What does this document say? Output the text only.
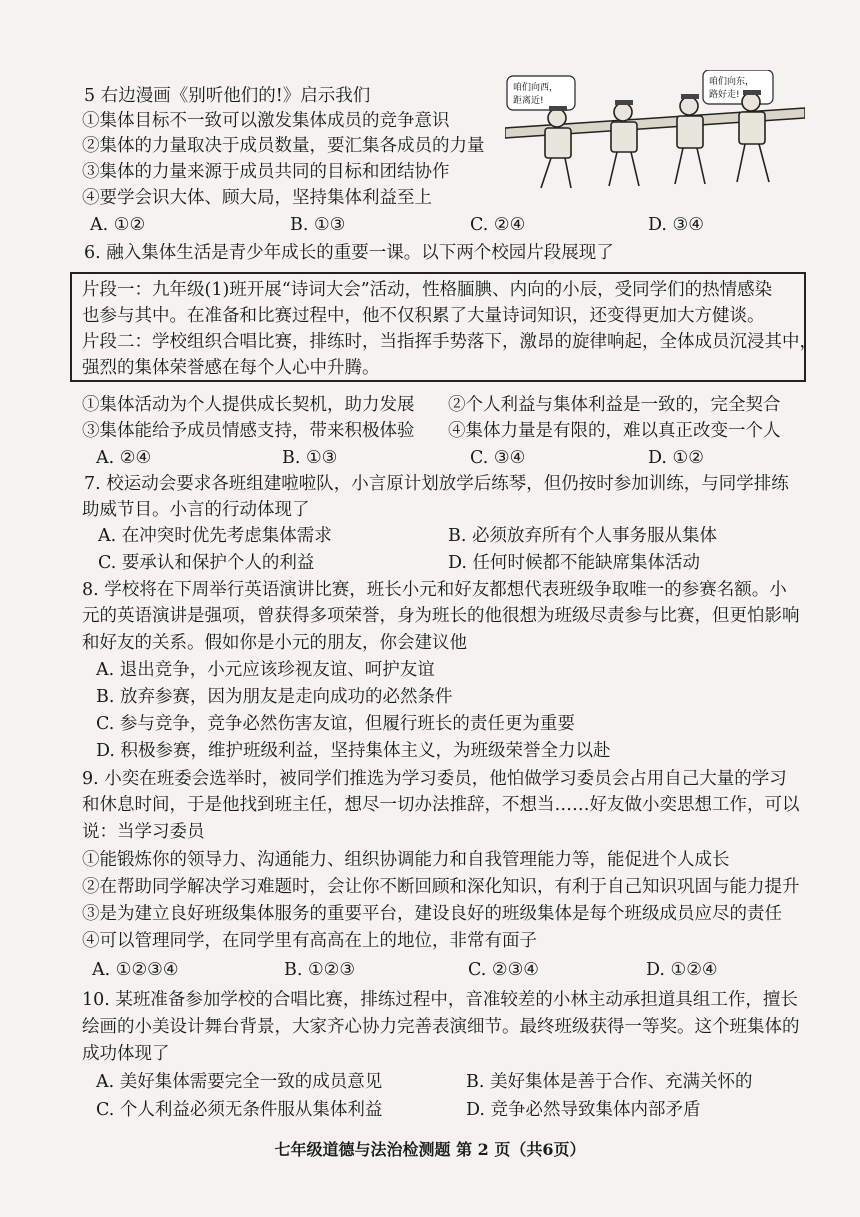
5 右边漫画《别听他们的!》启示我们
①集体目标不一致可以激发集体成员的竞争意识
②集体的力量取决于成员数量，要汇集各成员的力量
③集体的力量来源于成员共同的目标和团结协作
④要学会识大体、顾大局，坚持集体利益至上
A. ①②	B. ①③	C. ②④	D. ③④
咱们向西，
距离近!
咱们向东，
路好走!
6. 融入集体生活是青少年成长的重要一课。以下两个校园片段展现了
片段一：九年级(1)班开展“诗词大会”活动，性格腼腆、内向的小辰，受同学们的热情感染
也参与其中。在准备和比赛过程中，他不仅积累了大量诗词知识，还变得更加大方健谈。
片段二：学校组织合唱比赛，排练时，当指挥手势落下，激昂的旋律响起，全体成员沉浸其中，
强烈的集体荣誉感在每个人心中升腾。
①集体活动为个人提供成长契机，助力发展 ②个人利益与集体利益是一致的，完全契合
③集体能给予成员情感支持，带来积极体验 ④集体力量是有限的，难以真正改变一个人
A. ②④	B. ①③	C. ③④	D. ①②
7. 校运动会要求各班组建啦啦队，小言原计划放学后练琴，但仍按时参加训练，与同学排练
助威节目。小言的行动体现了
A. 在冲突时优先考虑集体需求	B. 必须放弃所有个人事务服从集体
C. 要承认和保护个人的利益	D. 任何时候都不能缺席集体活动
8. 学校将在下周举行英语演讲比赛，班长小元和好友都想代表班级争取唯一的参赛名额。小
元的英语演讲是强项，曾获得多项荣誉，身为班长的他很想为班级尽责参与比赛，但更怕影响
和好友的关系。假如你是小元的朋友，你会建议他
A. 退出竞争，小元应该珍视友谊、呵护友谊
B. 放弃参赛，因为朋友是走向成功的必然条件
C. 参与竞争，竞争必然伤害友谊，但履行班长的责任更为重要
D. 积极参赛，维护班级利益，坚持集体主义，为班级荣誉全力以赴
9. 小奕在班委会选举时，被同学们推选为学习委员，他怕做学习委员会占用自己大量的学习
和休息时间，于是他找到班主任，想尽一切办法推辞，不想当……好友做小奕思想工作，可以
说：当学习委员
①能锻炼你的领导力、沟通能力、组织协调能力和自我管理能力等，能促进个人成长
②在帮助同学解决学习难题时，会让你不断回顾和深化知识，有利于自己知识巩固与能力提升
③是为建立良好班级集体服务的重要平台，建设良好的班级集体是每个班级成员应尽的责任
④可以管理同学，在同学里有高高在上的地位，非常有面子
A. ①②③④	B. ①②③	C. ②③④	D. ①②④
10. 某班准备参加学校的合唱比赛，排练过程中，音准较差的小林主动承担道具组工作，擅长
绘画的小美设计舞台背景，大家齐心协力完善表演细节。最终班级获得一等奖。这个班集体的
成功体现了
A. 美好集体需要完全一致的成员意见	B. 美好集体是善于合作、充满关怀的
C. 个人利益必须无条件服从集体利益	D. 竞争必然导致集体内部矛盾
七年级道德与法治检测题 第 2 页（共6页）
